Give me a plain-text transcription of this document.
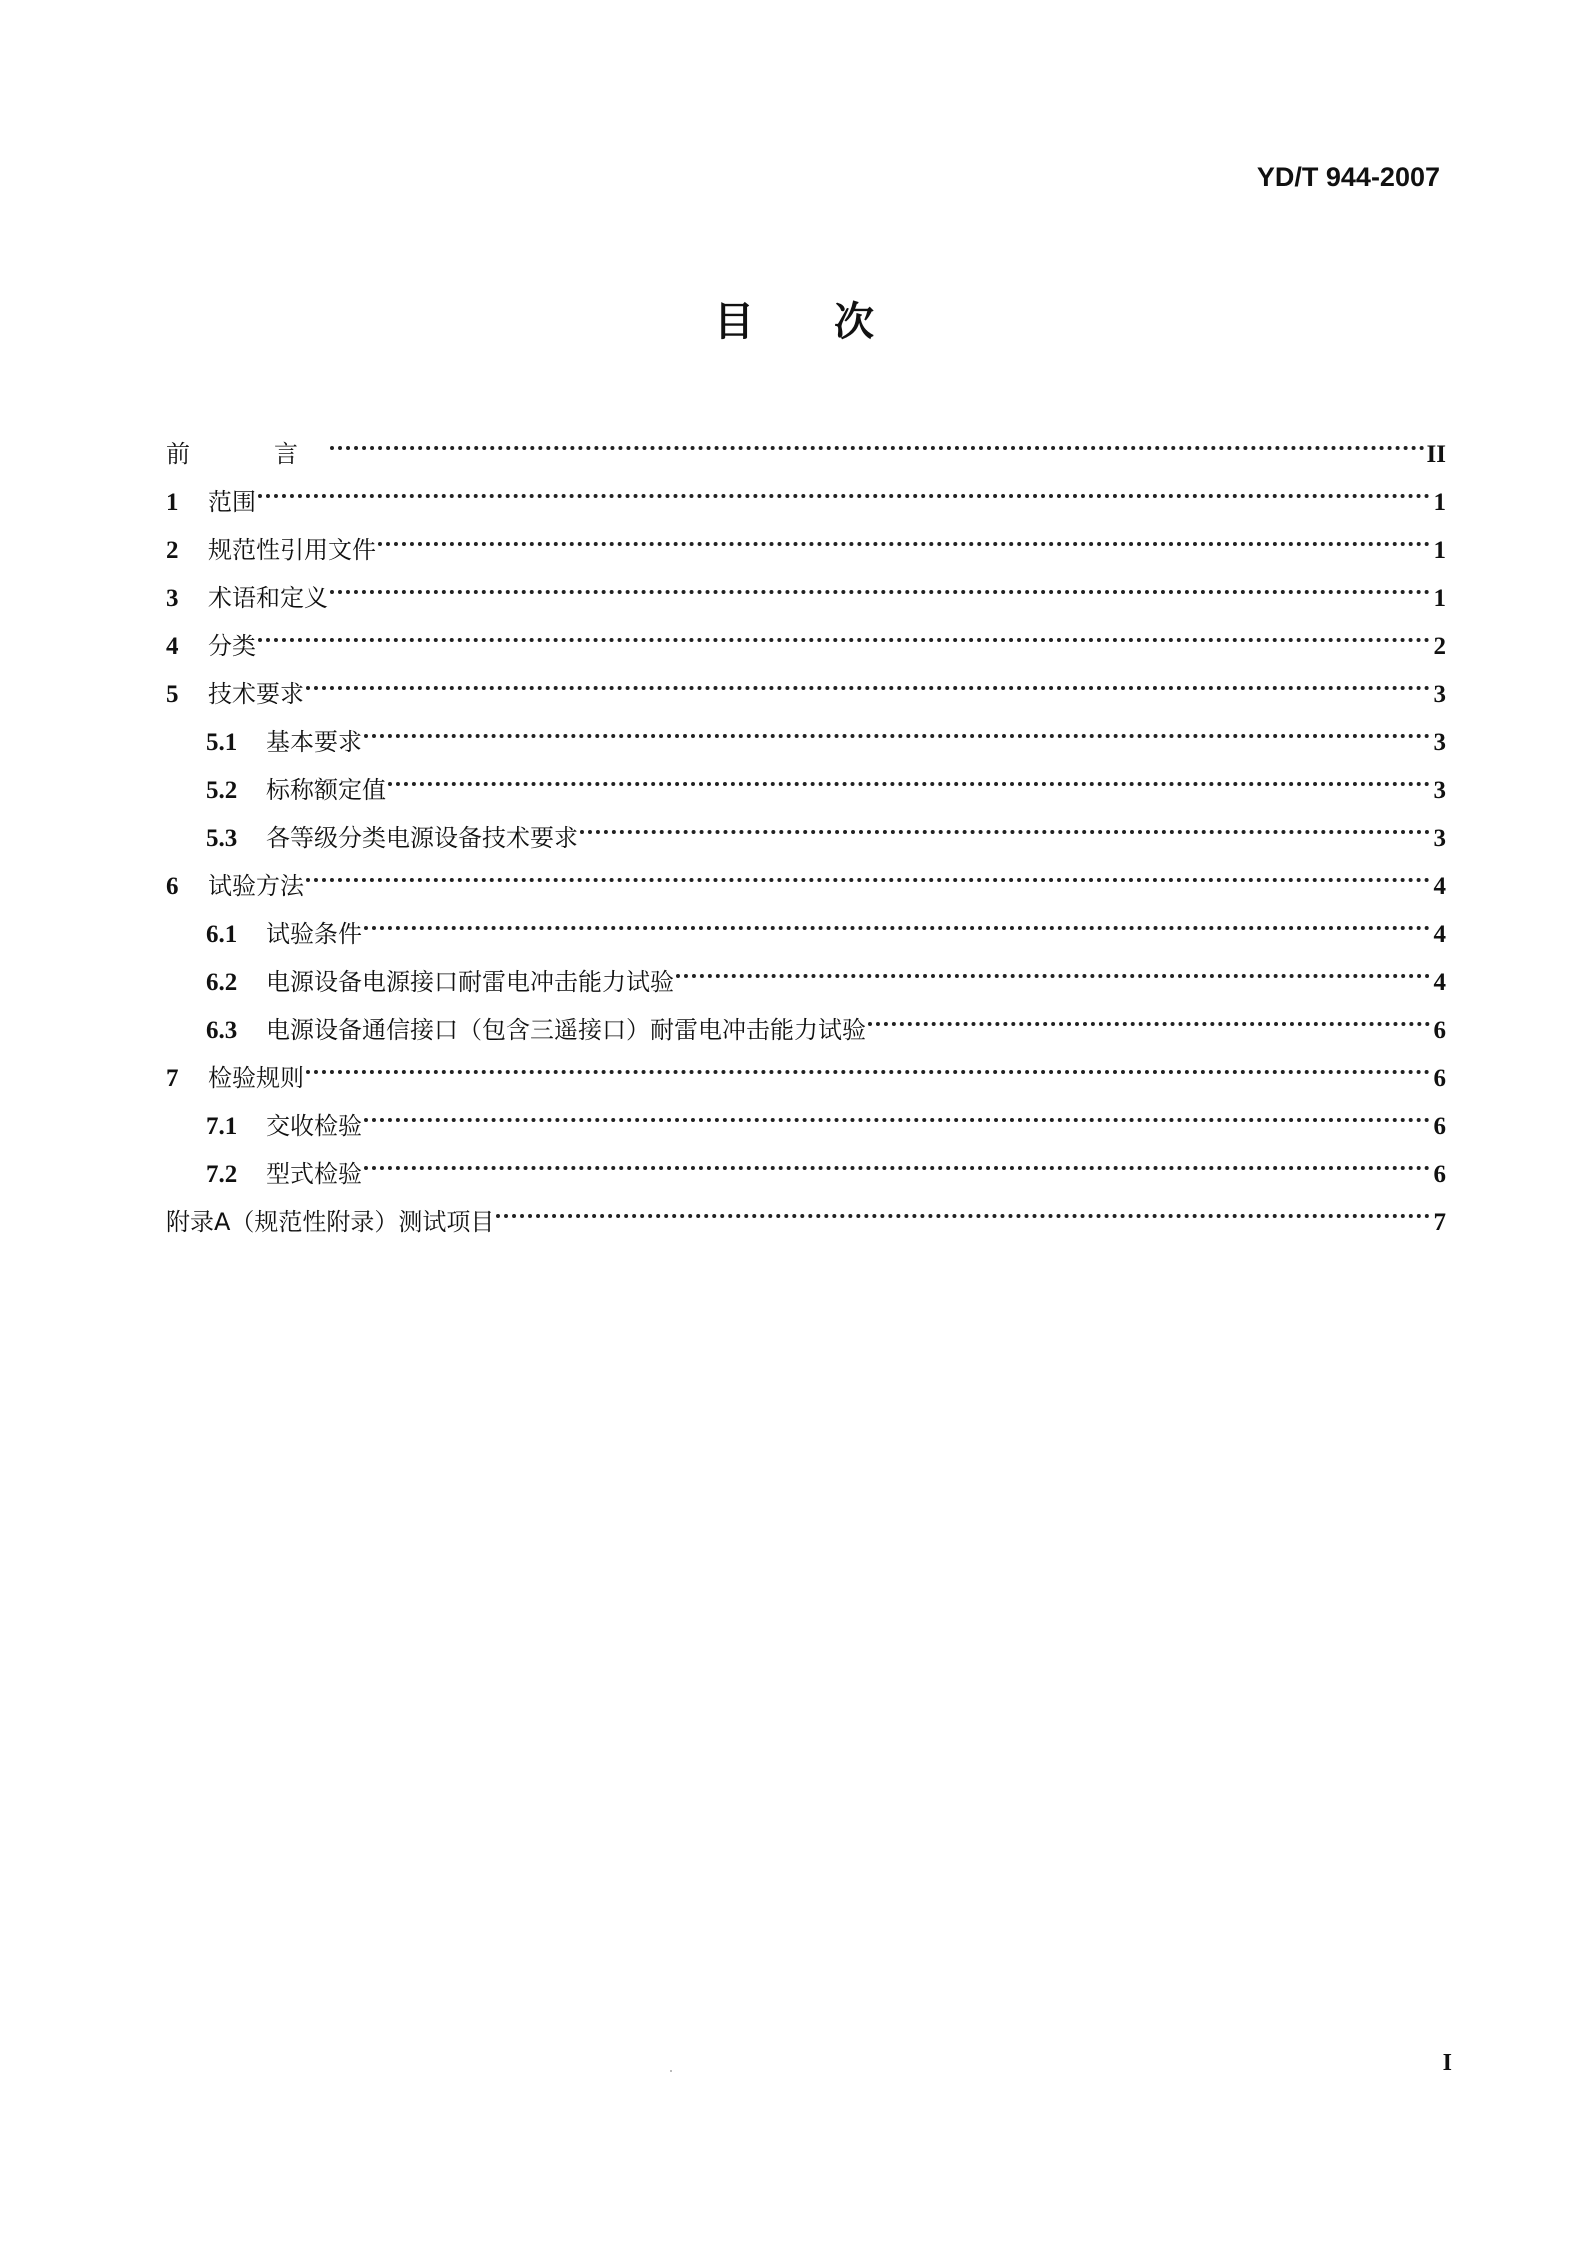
YD/T 944-2007
目 次
前　言	II
1	范围	1
2	规范性引用文件	1
3	术语和定义	1
4	分类	2
5	技术要求	3
5.1	基本要求	3
5.2	标称额定值	3
5.3	各等级分类电源设备技术要求	3
6	试验方法	4
6.1	试验条件	4
6.2	电源设备电源接口耐雷电冲击能力试验	4
6.3	电源设备通信接口（包含三遥接口）耐雷电冲击能力试验	6
7	检验规则	6
7.1	交收检验	6
7.2	型式检验	6
附录A（规范性附录）测试项目	7
I
